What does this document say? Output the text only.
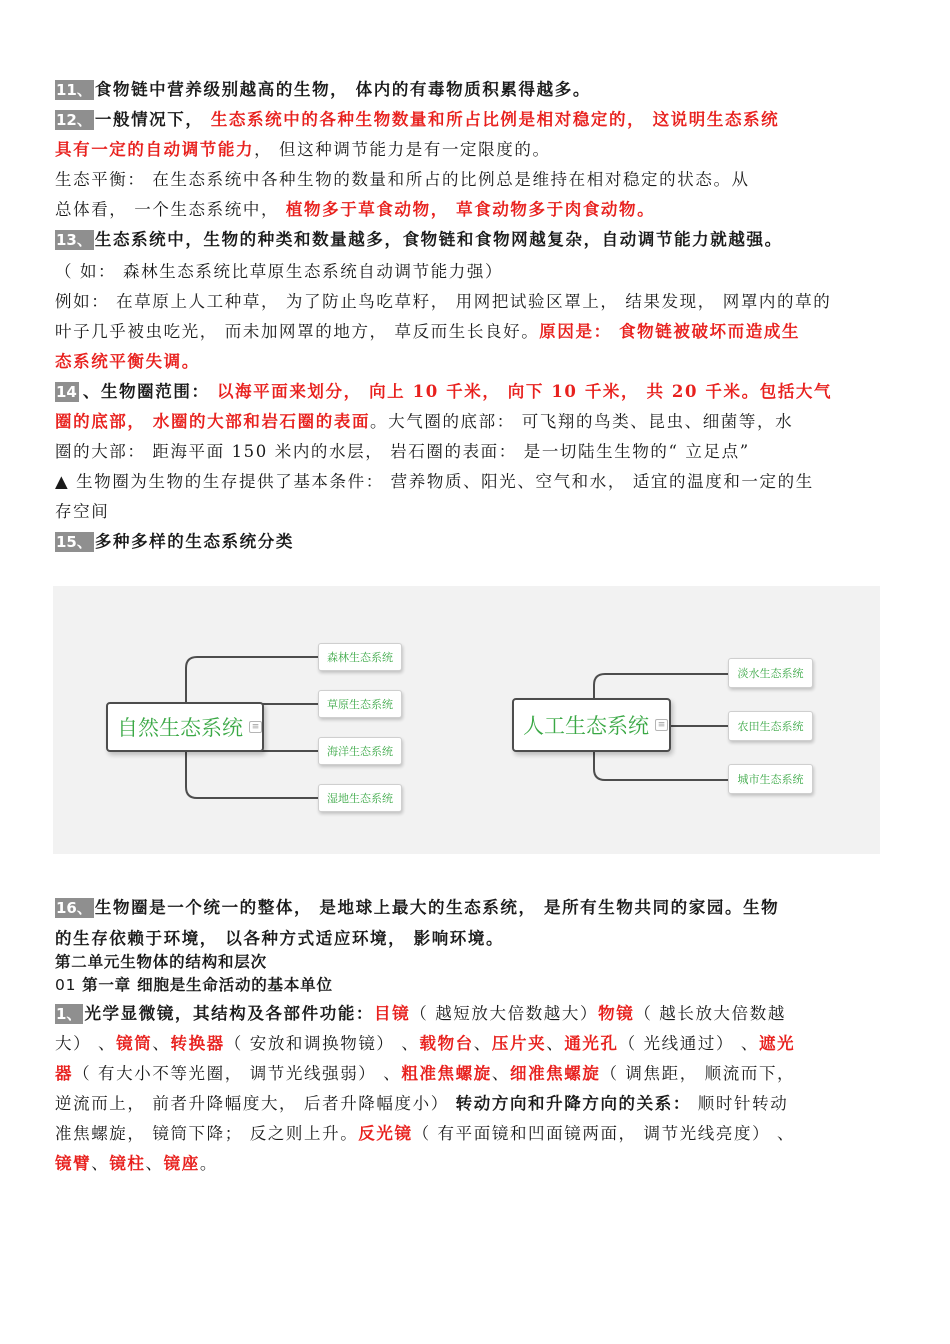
11、 食物链中营养级别越高的生物， 体内的有毒物质积累得越多。
12、 一般情况下， 生态系统中的各种生物数量和所占比例是相对稳定的， 这说明生态系统
具有一定的自动调节能力， 但这种调节能力是有一定限度的。
生态平衡： 在生态系统中各种生物的数量和所占的比例总是维持在相对稳定的状态。从
总体看， 一个生态系统中， 植物多于草食动物， 草食动物多于肉食动物。
13、 生态系统中，生物的种类和数量越多，食物链和食物网越复杂，自动调节能力就越强。
（ 如： 森林生态系统比草原生态系统自动调节能力强）
例如： 在草原上人工种草， 为了防止鸟吃草籽， 用网把试验区罩上， 结果发现， 网罩内的草的
叶子几乎被虫吃光， 而未加网罩的地方， 草反而生长良好。原因是： 食物链被破坏而造成生
态系统平衡失调。
14 、生物圈范围： 以海平面来划分， 向上 10 千米， 向下 10 千米， 共 20 千米。包括大气
圈的底部， 水圈的大部和岩石圈的表面。大气圈的底部： 可飞翔的鸟类、昆虫、细菌等，水
圈的大部： 距海平面 150 米内的水层， 岩石圈的表面： 是一切陆生生物的“ 立足点”
▲ 生物圈为生物的生存提供了基本条件： 营养物质、阳光、空气和水， 适宜的温度和一定的生
存空间
15、 多种多样的生态系统分类
自然生态系统 ≡
森林生态系统
草原生态系统
海洋生态系统
湿地生态系统
人工生态系统 ≡
淡水生态系统
农田生态系统
城市生态系统
16、 生物圈是一个统一的整体， 是地球上最大的生态系统， 是所有生物共同的家园。生物
的生存依赖于环境， 以各种方式适应环境， 影响环境。
第二单元生物体的结构和层次
01 第一章 细胞是生命活动的基本单位
1、 光学显微镜，其结构及各部件功能：目镜（ 越短放大倍数越大）物镜（ 越长放大倍数越
大） 、镜筒、转换器（ 安放和调换物镜） 、载物台、压片夹、通光孔（ 光线通过） 、遮光
器（ 有大小不等光圈， 调节光线强弱） 、粗准焦螺旋、细准焦螺旋（ 调焦距， 顺流而下，
逆流而上， 前者升降幅度大， 后者升降幅度小） 转动方向和升降方向的关系： 顺时针转动
准焦螺旋， 镜筒下降； 反之则上升。反光镜（ 有平面镜和凹面镜两面， 调节光线亮度） 、
镜臂、镜柱、镜座。
